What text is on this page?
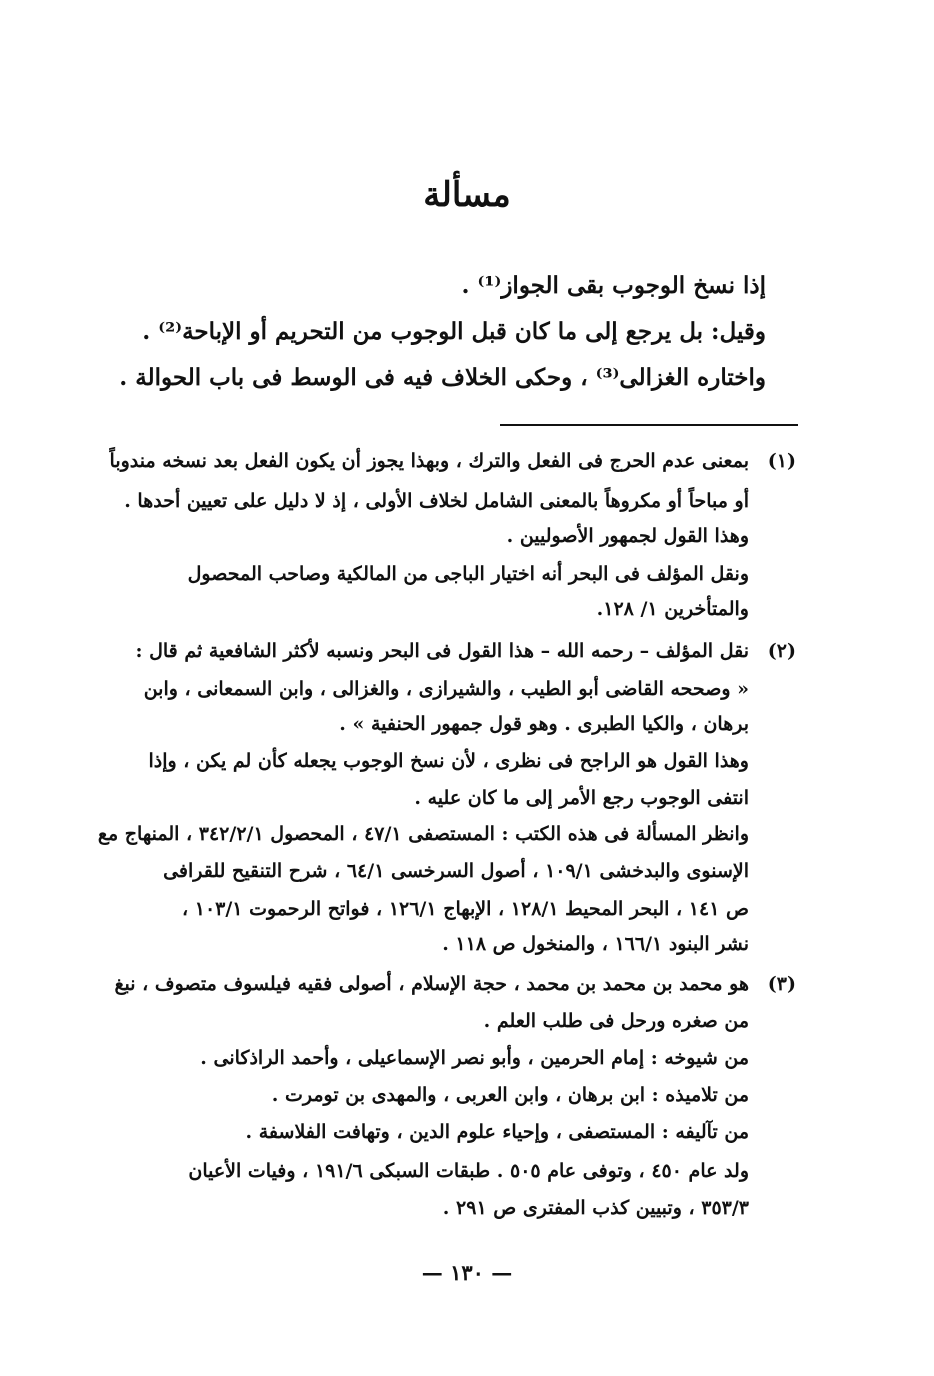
مسألة
إذا نسخ الوجوب بقى الجواز⁽¹⁾ .
وقيل: بل يرجع إلى ما كان قبل الوجوب من التحريم أو الإباحة⁽²⁾ .
واختاره الغزالى⁽³⁾ ، وحكى الخلاف فيه فى الوسط فى باب الحوالة .
(١)
بمعنى عدم الحرج فى الفعل والترك ، وبهذا يجوز أن يكون الفعل بعد نسخه مندوباً
أو مباحاً أو مكروهاً بالمعنى الشامل لخلاف الأولى ، إذ لا دليل على تعيين أحدها .
وهذا القول لجمهور الأصوليين .
ونقل المؤلف فى البحر أنه اختيار الباجى من المالكية وصاحب المحصول
والمتأخرين ١/ ١٢٨.
(٢)
نقل المؤلف – رحمه الله – هذا القول فى البحر ونسبه لأكثر الشافعية ثم قال :
« وصححه القاضى أبو الطيب ، والشيرازى ، والغزالى ، وابن السمعانى ، وابن
برهان ، والكيا الطبرى . وهو قول جمهور الحنفية » .
وهذا القول هو الراجح فى نظرى ، لأن نسخ الوجوب يجعله كأن لم يكن ، وإذا
انتفى الوجوب رجع الأمر إلى ما كان عليه .
وانظر المسألة فى هذه الكتب : المستصفى ٤٧/١ ، المحصول ٣٤٢/٢/١ ، المنهاج مع
الإسنوى والبدخشى ١٠٩/١ ، أصول السرخسى ٦٤/١ ، شرح التنقيح للقرافى
ص ١٤١ ، البحر المحيط ١٢٨/١ ، الإبهاج ١٢٦/١ ، فواتح الرحموت ١٠٣/١ ،
نشر البنود ١٦٦/١ ، والمنخول ص ١١٨ .
(٣)
هو محمد بن محمد بن محمد ، حجة الإسلام ، أصولى فقيه فيلسوف متصوف ، نبغ
من صغره ورحل فى طلب العلم .
من شيوخه : إمام الحرمين ، وأبو نصر الإسماعيلى ، وأحمد الراذكانى .
من تلاميذه : ابن برهان ، وابن العربى ، والمهدى بن تومرت .
من تآليفه : المستصفى ، وإحياء علوم الدين ، وتهافت الفلاسفة .
ولد عام ٤٥٠ ، وتوفى عام ٥٠٥ . طبقات السبكى ١٩١/٦ ، وفيات الأعيان
٣٥٣/٣ ، وتبيين كذب المفترى ص ٢٩١ .
— ١٣٠ —
